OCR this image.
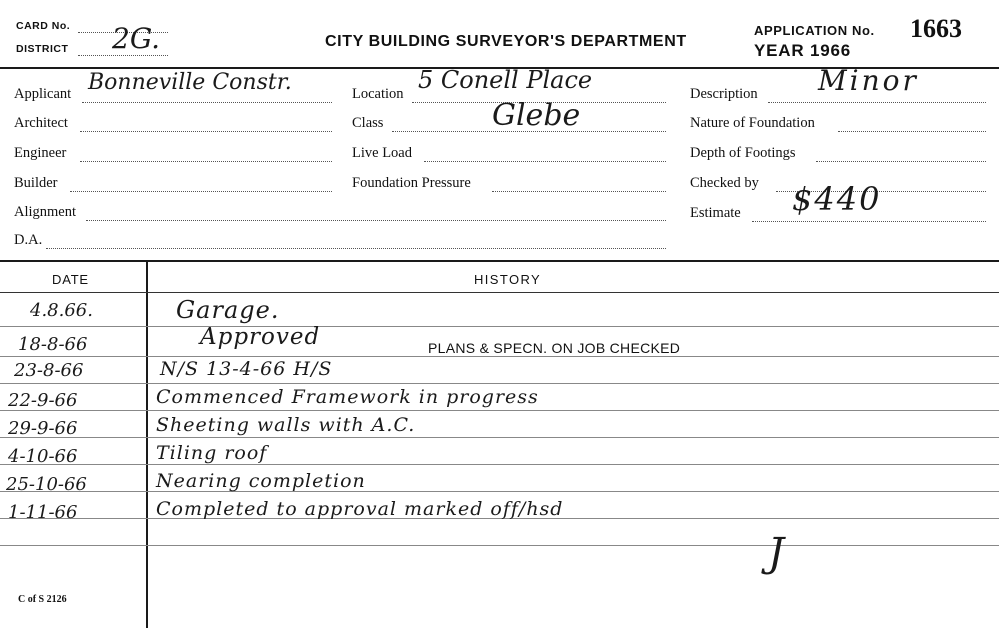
CARD No.
DISTRICT 2G.	CITY BUILDING SURVEYOR'S DEPARTMENT
APPLICATION No. 1663
YEAR 1966
Applicant Bonneville Constr.
Architect
Engineer
Builder
Alignment
D.A.
Location 5 Conell Place
Class	Glebe
Live Load
Foundation Pressure
Description Minor
Nature of Foundation
Depth of Footings
Checked by
Estimate $440
DATE	HISTORY
4.8.66.	Garage.
18-8-66	Approved	PLANS & SPECN. ON JOB CHECKED
23-8-66	N/S 13-4-66 H/S
22-9-66	Commenced Framework in progress
29-9-66	Sheeting walls with A.C.
4-10-66	Tiling roof
25-10-66	Nearing completion
1-11-66	Completed to approval marked off/hsd
J
C of S 2126
